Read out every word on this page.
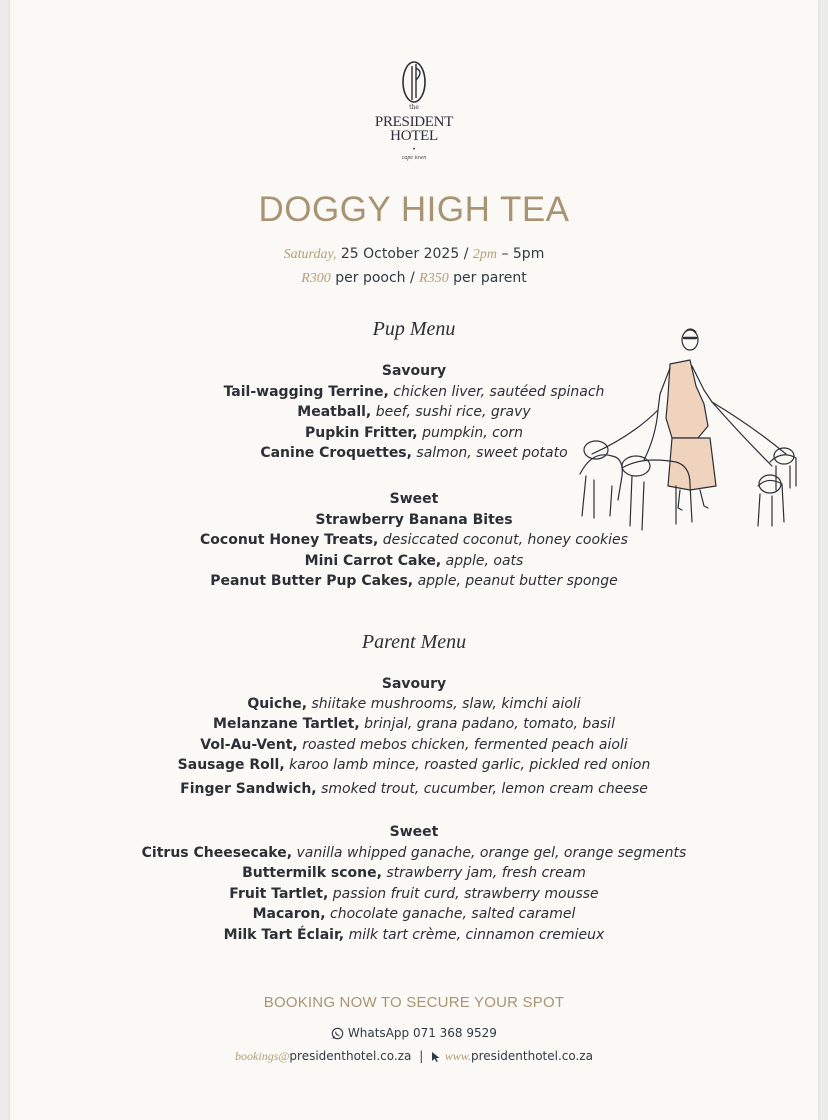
the
PRESIDENT
HOTEL
•
cape town
DOGGY HIGH TEA
Saturday, 25 October 2025 / 2pm – 5pm
R300 per pooch / R350 per parent
Pup Menu
Savoury
Tail-wagging Terrine, chicken liver, sautéed spinach
Meatball, beef, sushi rice, gravy
Pupkin Fritter, pumpkin, corn
Canine Croquettes, salmon, sweet potato
Sweet
Strawberry Banana Bites
Coconut Honey Treats, desiccated coconut, honey cookies
Mini Carrot Cake, apple, oats
Peanut Butter Pup Cakes, apple, peanut butter sponge
Parent Menu
Savoury
Quiche, shiitake mushrooms, slaw, kimchi aioli
Melanzane Tartlet, brinjal, grana padano, tomato, basil
Vol-Au-Vent, roasted mebos chicken, fermented peach aioli
Sausage Roll, karoo lamb mince, roasted garlic, pickled red onion
Finger Sandwich, smoked trout, cucumber, lemon cream cheese
Sweet
Citrus Cheesecake, vanilla whipped ganache, orange gel, orange segments
Buttermilk scone, strawberry jam, fresh cream
Fruit Tartlet, passion fruit curd, strawberry mousse
Macaron, chocolate ganache, salted caramel
Milk Tart Éclair, milk tart crème, cinnamon cremieux
BOOKING NOW TO SECURE YOUR SPOT
WhatsApp 071 368 9529
bookings@presidenthotel.co.za | www.presidenthotel.co.za
